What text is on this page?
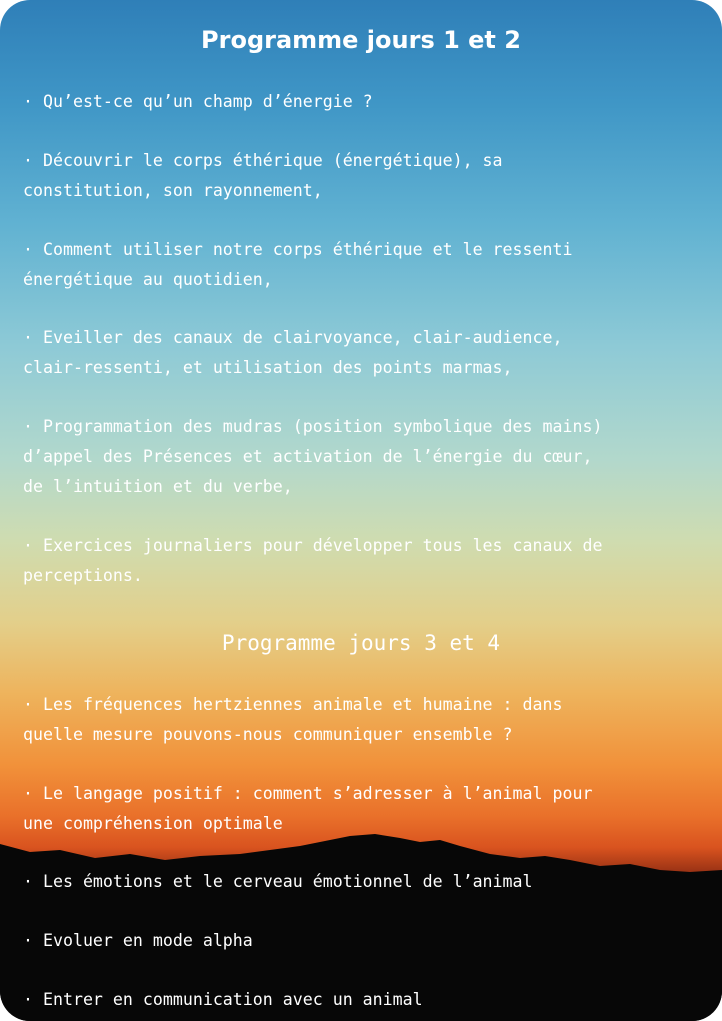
Programme jours 1 et 2
· Qu’est-ce qu’un champ d’énergie ?
· Découvrir le corps éthérique (énergétique), sa
constitution, son rayonnement,
· Comment utiliser notre corps éthérique et le ressenti
énergétique au quotidien,
· Eveiller des canaux de clairvoyance, clair-audience,
clair-ressenti, et utilisation des points marmas,
· Programmation des mudras (position symbolique des mains)
d’appel des Présences et activation de l’énergie du cœur,
de l’intuition et du verbe,
· Exercices journaliers pour développer tous les canaux de
perceptions.
Programme jours 3 et 4
· Les fréquences hertziennes animale et humaine : dans
quelle mesure pouvons-nous communiquer ensemble ?
· Le langage positif : comment s’adresser à l’animal pour
une compréhension optimale
· Les émotions et le cerveau émotionnel de l’animal
· Evoluer en mode alpha
· Entrer en communication avec un animal
